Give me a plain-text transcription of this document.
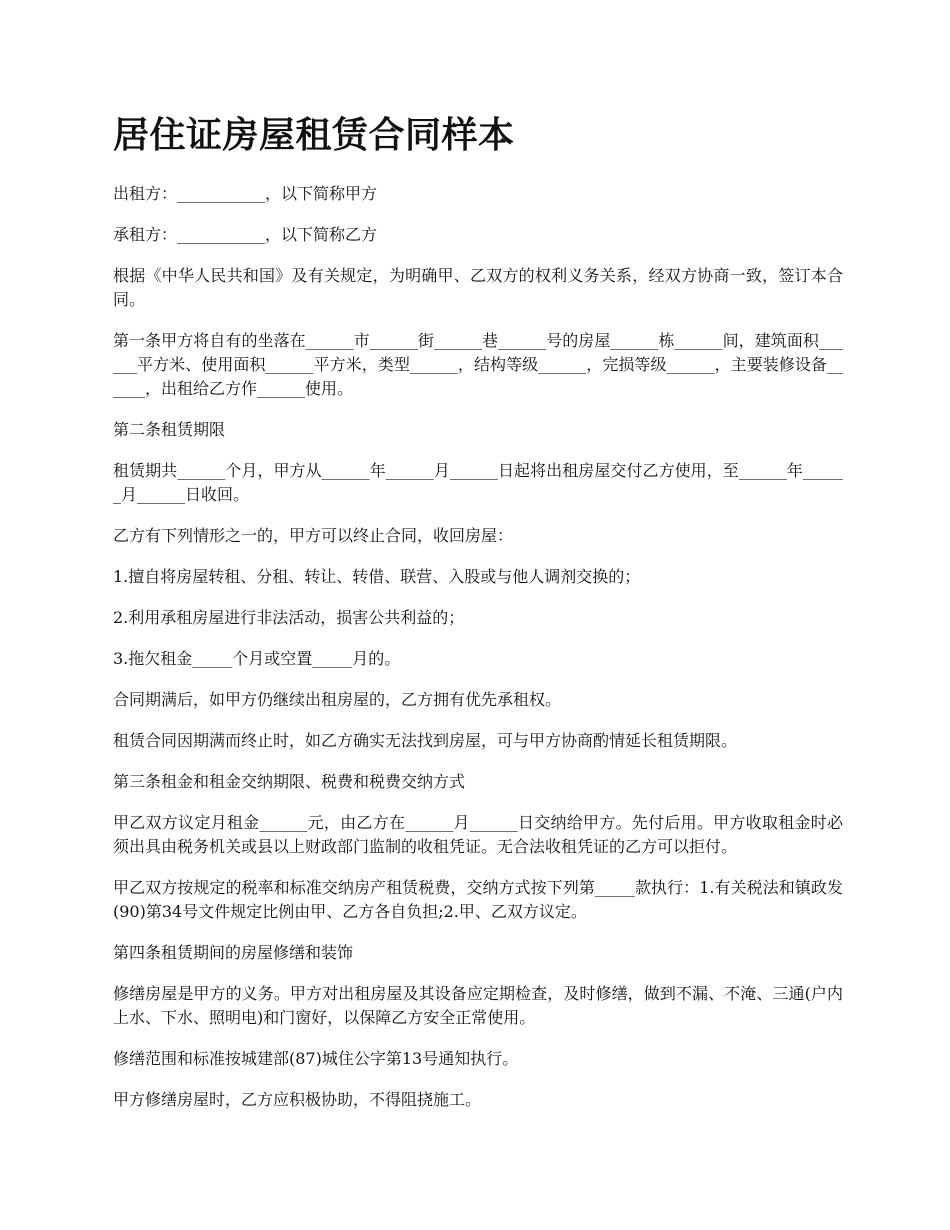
居住证房屋租赁合同样本

出租方：___________，以下简称甲方

承租方：___________，以下简称乙方

根据《中华人民共和国》及有关规定，为明确甲、乙双方的权利义务关系，经双方协商一致，签订本合同。

第一条甲方将自有的坐落在______市______街______巷______号的房屋______栋______间，建筑面积______平方米、使用面积______平方米，类型______，结构等级______，完损等级______，主要装修设备______，出租给乙方作______使用。

第二条租赁期限

租赁期共______个月，甲方从______年______月______日起将出租房屋交付乙方使用，至______年______月______日收回。

乙方有下列情形之一的，甲方可以终止合同，收回房屋：

1.擅自将房屋转租、分租、转让、转借、联营、入股或与他人调剂交换的；

2.利用承租房屋进行非法活动，损害公共利益的；

3.拖欠租金_____个月或空置_____月的。

合同期满后，如甲方仍继续出租房屋的，乙方拥有优先承租权。

租赁合同因期满而终止时，如乙方确实无法找到房屋，可与甲方协商酌情延长租赁期限。

第三条租金和租金交纳期限、税费和税费交纳方式

甲乙双方议定月租金______元，由乙方在______月______日交纳给甲方。先付后用。甲方收取租金时必须出具由税务机关或县以上财政部门监制的收租凭证。无合法收租凭证的乙方可以拒付。

甲乙双方按规定的税率和标准交纳房产租赁税费，交纳方式按下列第_____款执行：1.有关税法和镇政发(90)第34号文件规定比例由甲、乙方各自负担;2.甲、乙双方议定。

第四条租赁期间的房屋修缮和装饰

修缮房屋是甲方的义务。甲方对出租房屋及其设备应定期检查，及时修缮，做到不漏、不淹、三通(户内上水、下水、照明电)和门窗好，以保障乙方安全正常使用。

修缮范围和标准按城建部(87)城住公字第13号通知执行。

甲方修缮房屋时，乙方应积极协助，不得阻挠施工。
